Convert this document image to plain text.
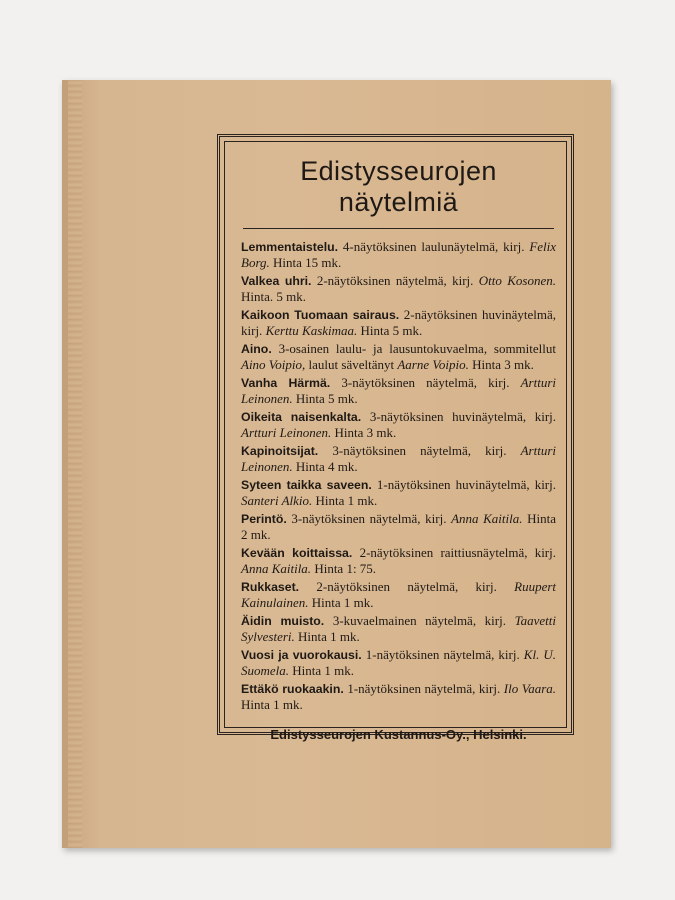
Edistysseurojen näytelmiä
Lemmentaistelu. 4-näytöksinen laulunäytelmä, kirj. Felix Borg. Hinta 15 mk.
Valkea uhri. 2-näytöksinen näytelmä, kirj. Otto Kosonen. Hinta. 5 mk.
Kaikoon Tuomaan sairaus. 2-näytöksinen huvinäytelmä, kirj. Kerttu Kaskimaa. Hinta 5 mk.
Aino. 3-osainen laulu- ja lausuntokuvaelma, sommitellut Aino Voipio, laulut säveltänyt Aarne Voipio. Hinta 3 mk.
Vanha Härmä. 3-näytöksinen näytelmä, kirj. Artturi Leinonen. Hinta 5 mk.
Oikeita naisenkalta. 3-näytöksinen huvinäytelmä, kirj. Artturi Leinonen. Hinta 3 mk.
Kapinoitsijat. 3-näytöksinen näytelmä, kirj. Artturi Leinonen. Hinta 4 mk.
Syteen taikka saveen. 1-näytöksinen huvinäytelmä, kirj. Santeri Alkio. Hinta 1 mk.
Perintö. 3-näytöksinen näytelmä, kirj. Anna Kaitila. Hinta 2 mk.
Kevään koittaissa. 2-näytöksinen raittiusnäytelmä, kirj. Anna Kaitila. Hinta 1: 75.
Rukkaset. 2-näytöksinen näytelmä, kirj. Ruupert Kainulainen. Hinta 1 mk.
Äidin muisto. 3-kuvaelmainen näytelmä, kirj. Taavetti Sylvesteri. Hinta 1 mk.
Vuosi ja vuorokausi. 1-näytöksinen näytelmä, kirj. Kl. U. Suomela. Hinta 1 mk.
Ettäkö ruokaakin. 1-näytöksinen näytelmä, kirj. Ilo Vaara. Hinta 1 mk.
Edistysseurojen Kustannus-Oy., Helsinki.
